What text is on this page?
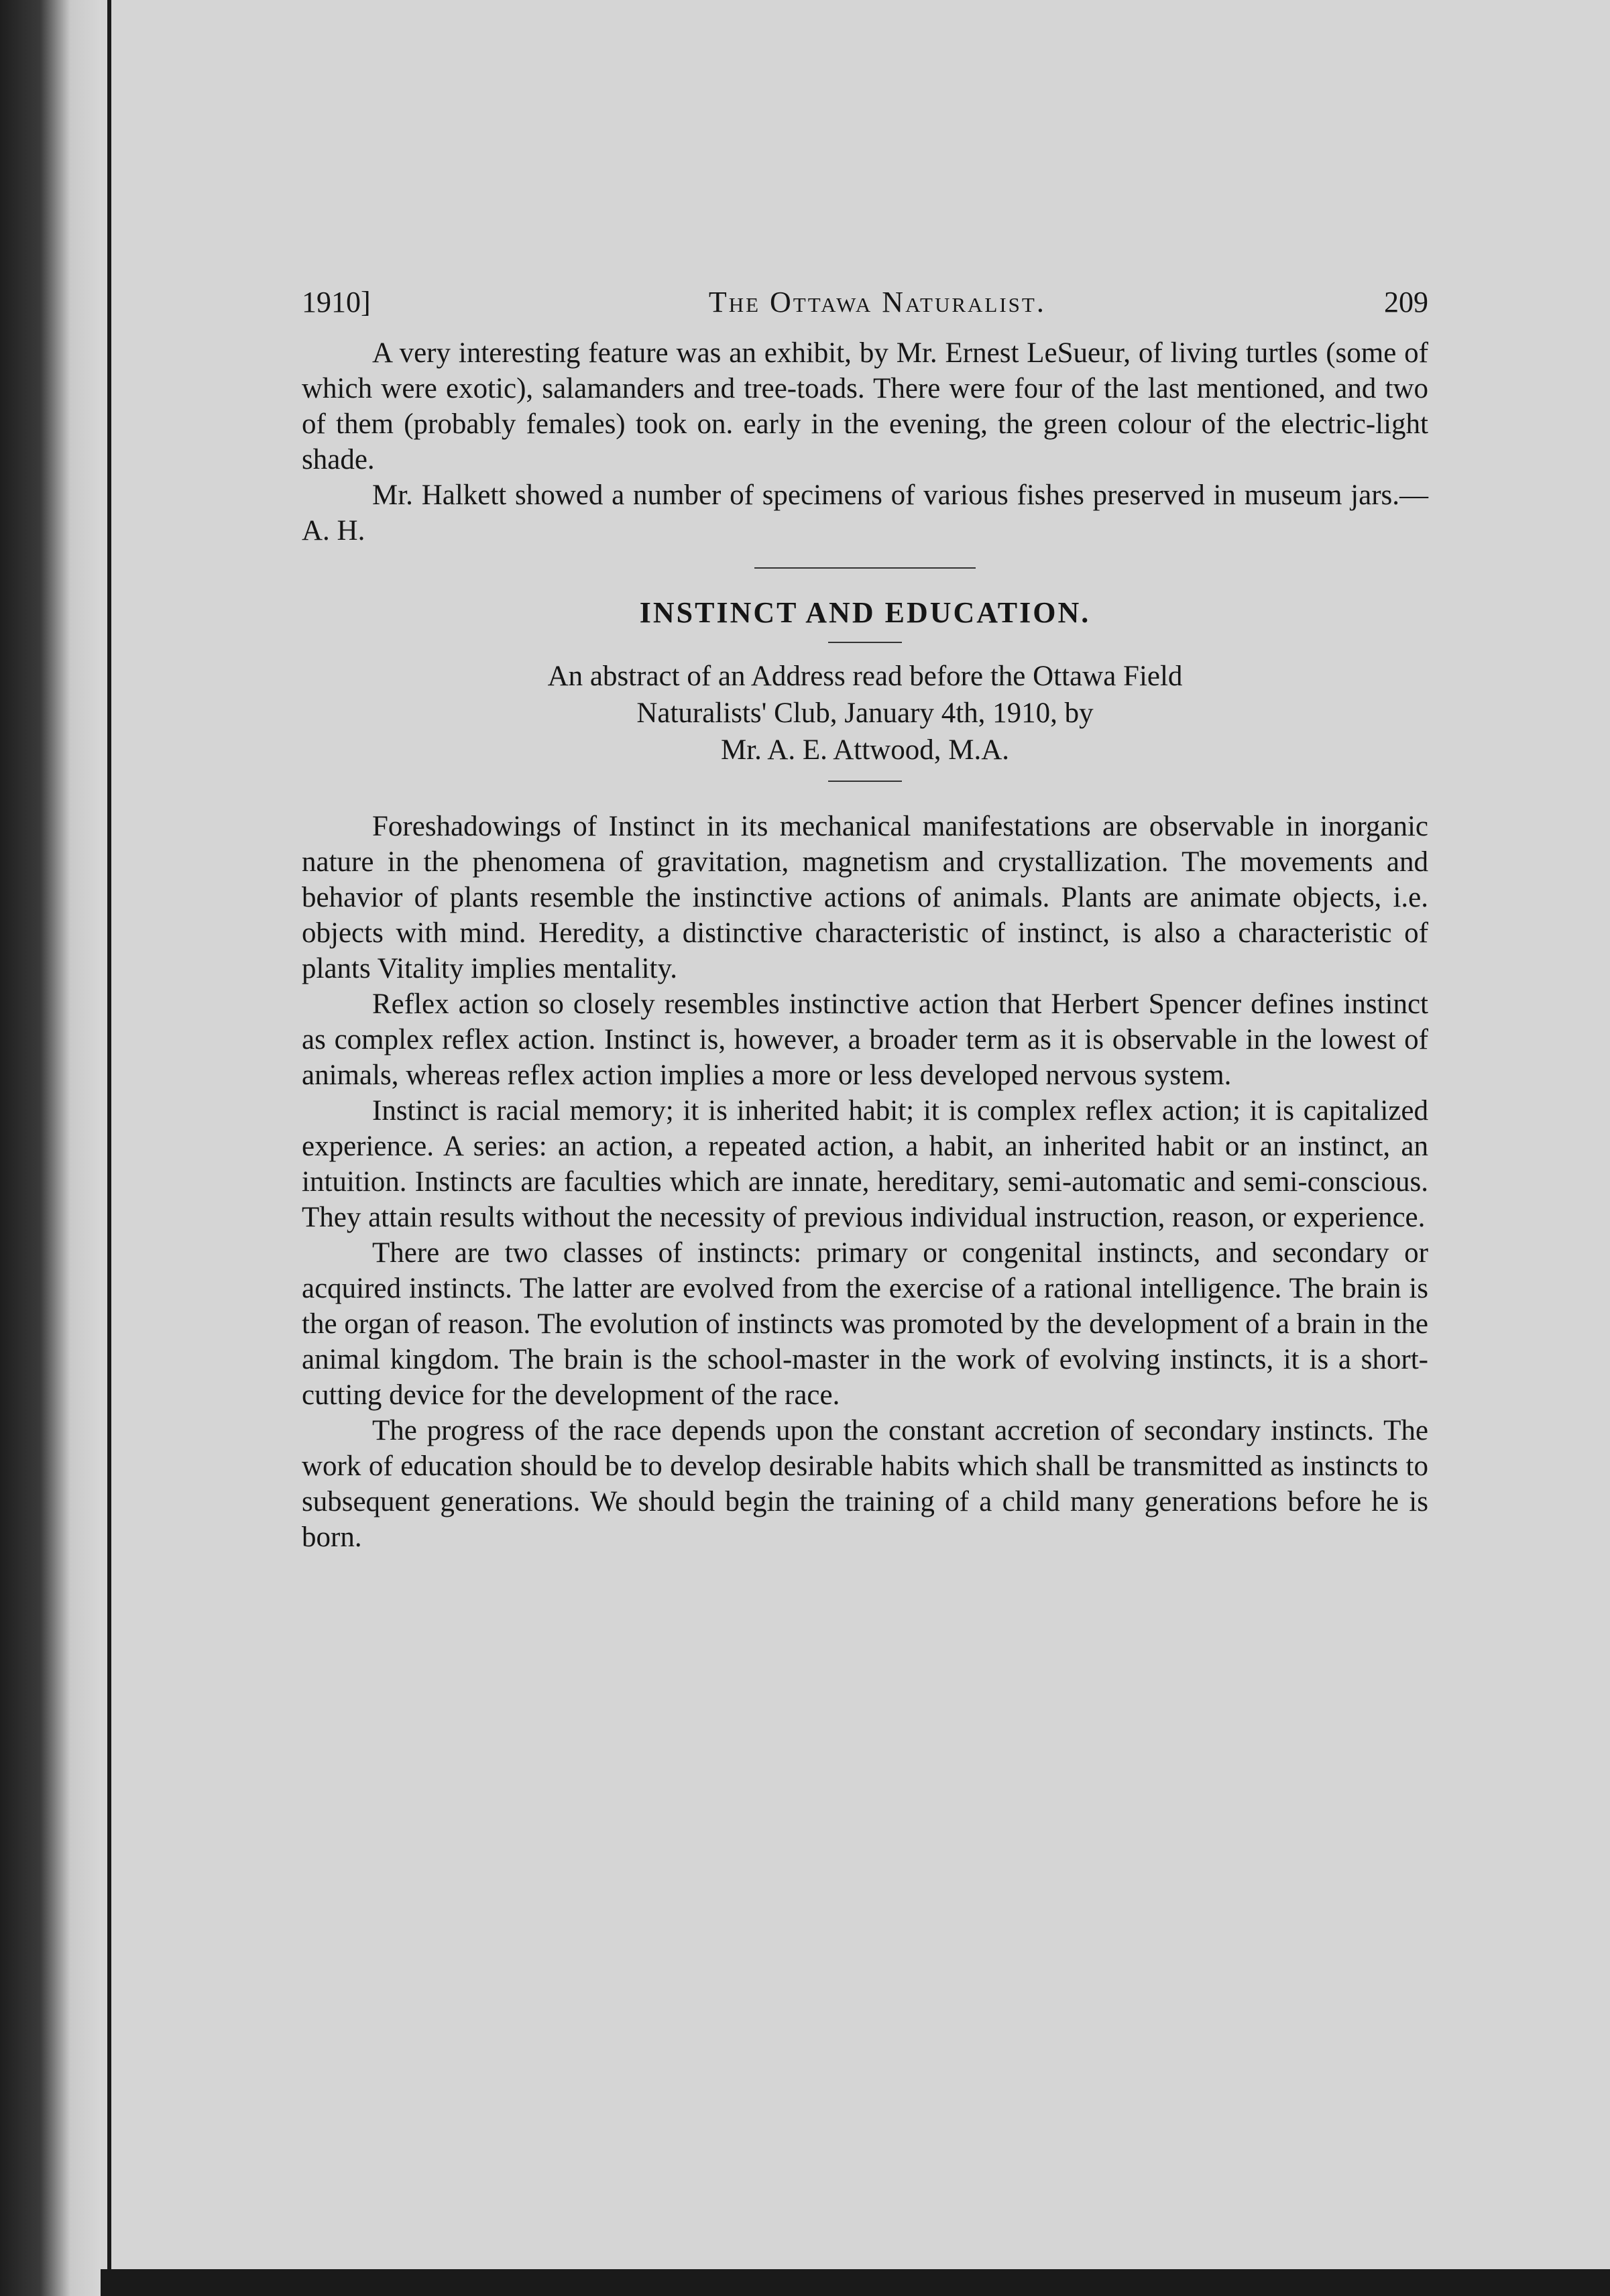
1910]	The Ottawa Naturalist.	209

A very interesting feature was an exhibit, by Mr. Ernest LeSueur, of living turtles (some of which were exotic), salamanders and tree-toads. There were four of the last mentioned, and two of them (probably females) took on. early in the evening, the green colour of the electric-light shade.

Mr. Halkett showed a number of specimens of various fishes preserved in museum jars.—A. H.

INSTINCT AND EDUCATION.

An abstract of an Address read before the Ottawa Field

Naturalists' Club, January 4th, 1910, by

Mr. A. E. Attwood, M.A.

Foreshadowings of Instinct in its mechanical manifestations are observable in inorganic nature in the phenomena of gravitation, magnetism and crystallization. The movements and behavior of plants resemble the instinctive actions of animals. Plants are animate objects, i.e. objects with mind. Heredity, a distinctive characteristic of instinct, is also a characteristic of plants Vitality implies mentality.

Reflex action so closely resembles instinctive action that Herbert Spencer defines instinct as complex reflex action. Instinct is, however, a broader term as it is observable in the lowest of animals, whereas reflex action implies a more or less developed nervous system.

Instinct is racial memory; it is inherited habit; it is complex reflex action; it is capitalized experience. A series: an action, a repeated action, a habit, an inherited habit or an instinct, an intuition. Instincts are faculties which are innate, hereditary, semi-automatic and semi-conscious. They attain results without the necessity of previous individual instruction, reason, or experience.

There are two classes of instincts: primary or congenital instincts, and secondary or acquired instincts. The latter are evolved from the exercise of a rational intelligence. The brain is the organ of reason. The evolution of instincts was promoted by the development of a brain in the animal kingdom. The brain is the school-master in the work of evolving instincts, it is a short-cutting device for the development of the race.

The progress of the race depends upon the constant accretion of secondary instincts. The work of education should be to develop desirable habits which shall be transmitted as instincts to subsequent generations. We should begin the training of a child many generations before he is born.
